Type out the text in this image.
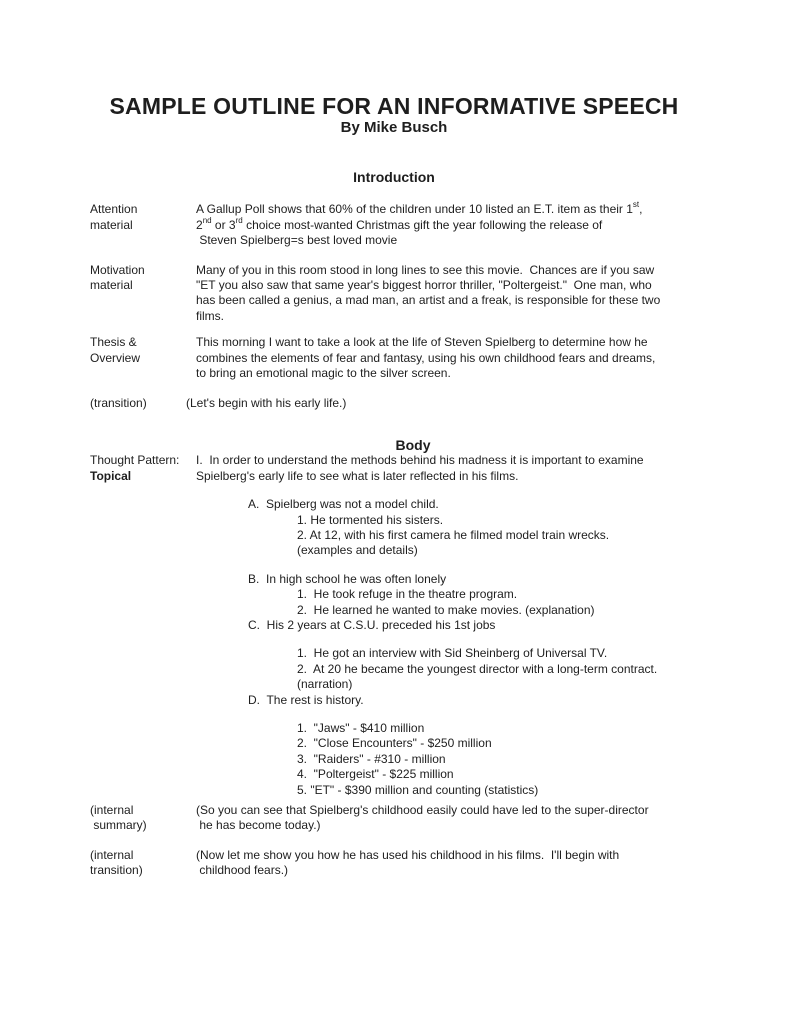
SAMPLE OUTLINE FOR AN INFORMATIVE SPEECH
By Mike Busch
Introduction
Attention
material
A Gallup Poll shows that 60% of the children under 10 listed an E.T. item as their 1st,
2nd or 3rd choice most-wanted Christmas gift the year following the release of
Steven Spielberg=s best loved movie
Motivation
material
Many of you in this room stood in long lines to see this movie.  Chances are if you saw
"ET you also saw that same year's biggest horror thriller, "Poltergeist."  One man, who
has been called a genius, a mad man, an artist and a freak, is responsible for these two
films.
Thesis &
Overview
This morning I want to take a look at the life of Steven Spielberg to determine how he
combines the elements of fear and fantasy, using his own childhood fears and dreams,
to bring an emotional magic to the silver screen.
(transition)	(Let's begin with his early life.)
Body
Thought Pattern:
Topical
I.  In order to understand the methods behind his madness it is important to examine
Spielberg's early life to see what is later reflected in his films.
A.  Spielberg was not a model child.
1. He tormented his sisters.
2. At 12, with his first camera he filmed model train wrecks.
(examples and details)
B.  In high school he was often lonely
1.  He took refuge in the theatre program.
2.  He learned he wanted to make movies. (explanation)
C.  His 2 years at C.S.U. preceded his 1st jobs
1.  He got an interview with Sid Sheinberg of Universal TV.
2.  At 20 he became the youngest director with a long-term contract.
(narration)
D.  The rest is history.
1.  "Jaws" - $410 million
2.  "Close Encounters" - $250 million
3.  "Raiders" - #310 - million
4.  "Poltergeist" - $225 million
5. "ET" - $390 million and counting (statistics)
(internal
summary)
(So you can see that Spielberg's childhood easily could have led to the super-director
he has become today.)
(internal
transition)
(Now let me show you how he has used his childhood in his films.  I'll begin with
childhood fears.)
